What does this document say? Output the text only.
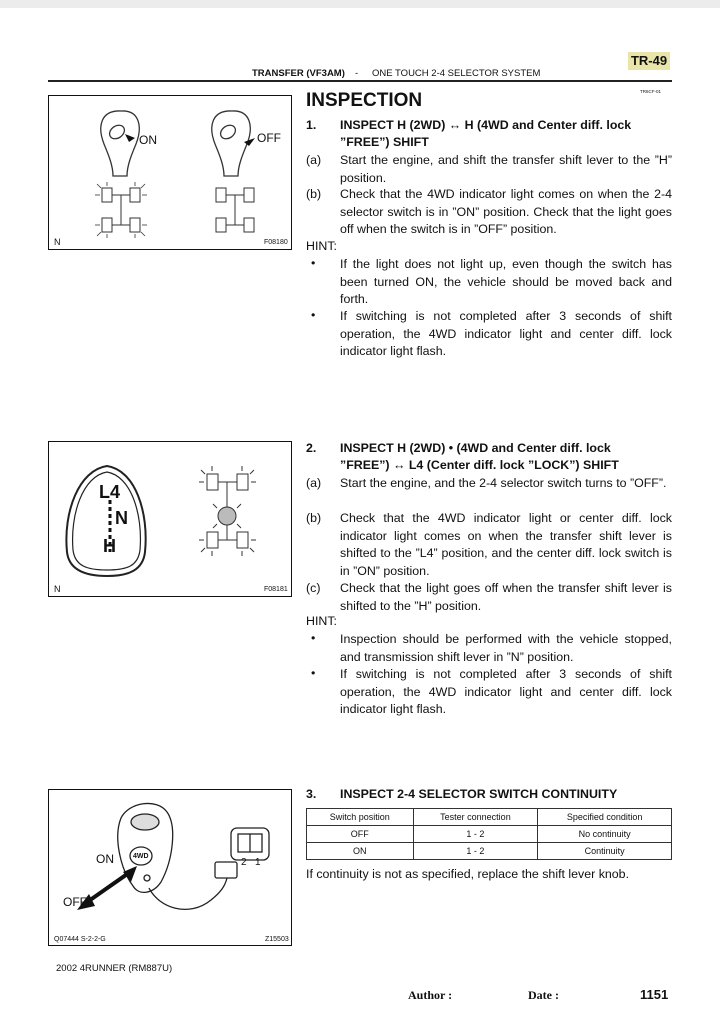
TR-49
TRANSFER (VF3AM) - ONE TOUCH 2-4 SELECTOR SYSTEM
TR6CF-01
ON	OFF
N	F08180
INSPECTION
1.	INSPECT H (2WD) ↔ H (4WD and Center diff. lock
”FREE”) SHIFT
(a)	Start the engine, and shift the transfer shift lever to the ”H” position.
(b)	Check that the 4WD indicator light comes on when the 2-4 selector switch is in ”ON” position. Check that the light goes off when the switch is in ”OFF” position.
HINT:
• If the light does not light up, even though the switch has been turned ON, the vehicle should be moved back and forth.
• If switching is not completed after 3 seconds of shift operation, the 4WD indicator light and center diff. lock indicator light flash.
L4
N
H
N	F08181
2.	INSPECT H (2WD) • (4WD and Center diff. lock
”FREE”) ↔ L4 (Center diff. lock ”LOCK”) SHIFT
(a)	Start the engine, and the 2-4 selector switch turns to ”OFF”.
(b)	Check that the 4WD indicator light or center diff. lock indicator light comes on when the transfer shift lever is shifted to the ”L4” position, and the center diff. lock switch is in ”ON” position.
(c)	Check that the light goes off when the transfer shift lever is shifted to the ”H” position.
HINT:
• Inspection should be performed with the vehicle stopped, and transmission shift lever in ”N” position.
• If switching is not completed after 3 seconds of shift operation, the 4WD indicator light and center diff. lock indicator light flash.
ON
OFF
4WD
2 1
Q07444 S-2-2-G	Z15503
3.	INSPECT 2-4 SELECTOR SWITCH CONTINUITY
Switch position	Tester connection	Specified condition
OFF	1 - 2	No continuity
ON	1 - 2	Continuity
If continuity is not as specified, replace the shift lever knob.
2002 4RUNNER (RM887U)
Author :	Date :	1151
